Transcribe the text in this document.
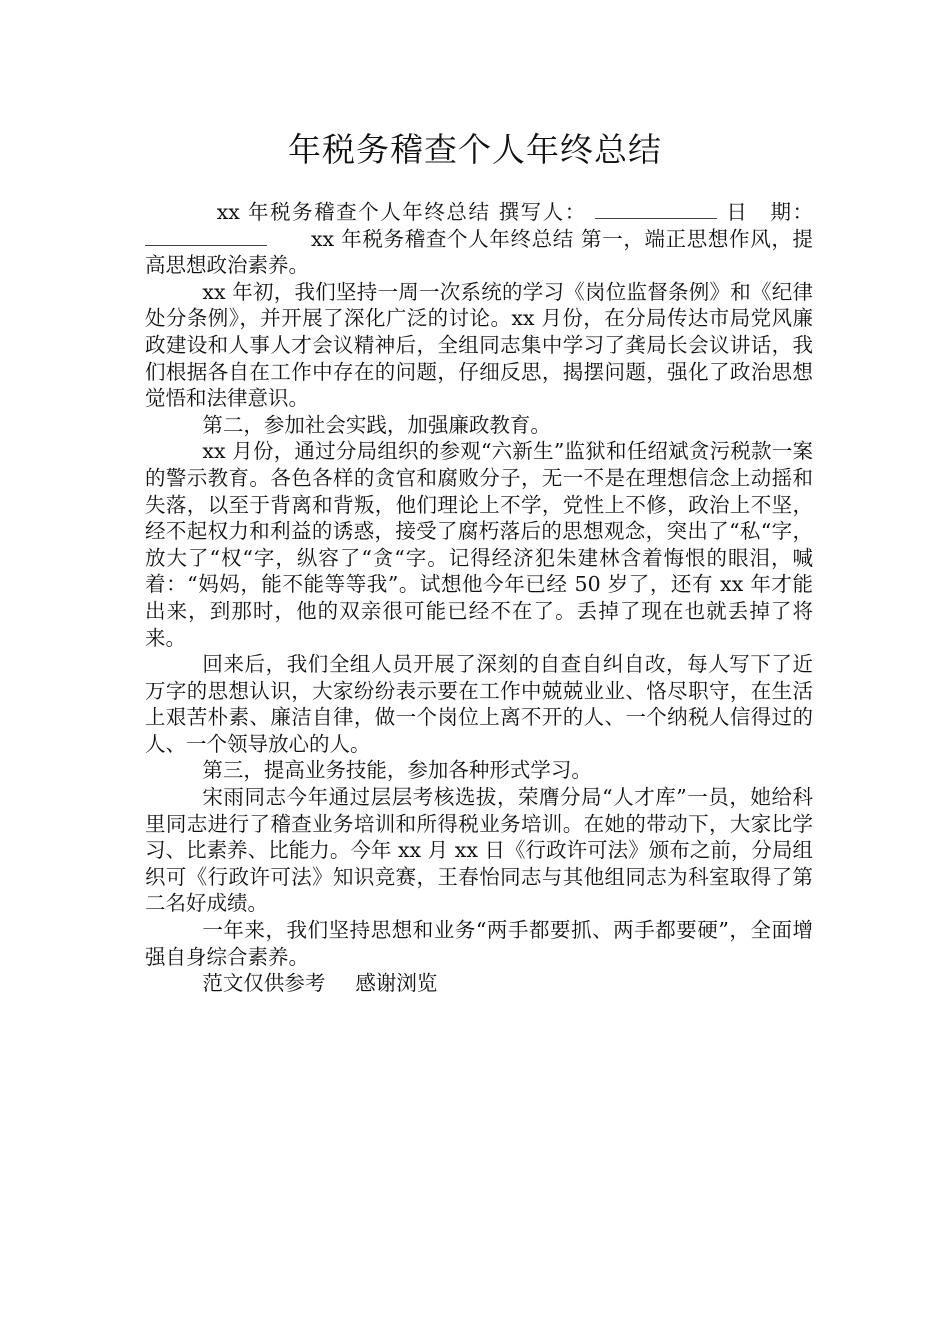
年税务稽查个人年终总结

xx 年税务稽查个人年终总结 撰写人：	日　期：xx 年税务稽查个人年终总结 第一，端正思想作风，提高思想政治素养。

xx 年初，我们坚持一周一次系统的学习《岗位监督条例》和《纪律处分条例》，并开展了深化广泛的讨论。xx 月份，在分局传达市局党风廉政建设和人事人才会议精神后，全组同志集中学习了龚局长会议讲话，我们根据各自在工作中存在的问题，仔细反思，揭摆问题，强化了政治思想觉悟和法律意识。

第二，参加社会实践，加强廉政教育。

xx 月份，通过分局组织的参观“六新生”监狱和任绍斌贪污税款一案的警示教育。各色各样的贪官和腐败分子，无一不是在理想信念上动摇和失落，以至于背离和背叛，他们理论上不学，党性上不修，政治上不坚，经不起权力和利益的诱惑，接受了腐朽落后的思想观念，突出了“私“字，放大了“权“字，纵容了“贪“字。记得经济犯朱建林含着悔恨的眼泪，喊着：“妈妈，能不能等等我”。试想他今年已经 50 岁了，还有 xx 年才能出来，到那时，他的双亲很可能已经不在了。丢掉了现在也就丢掉了将来。

回来后，我们全组人员开展了深刻的自查自纠自改，每人写下了近万字的思想认识，大家纷纷表示要在工作中兢兢业业、恪尽职守，在生活上艰苦朴素、廉洁自律，做一个岗位上离不开的人、一个纳税人信得过的人、一个领导放心的人。

第三，提高业务技能，参加各种形式学习。

宋雨同志今年通过层层考核选拔，荣膺分局“人才库”一员，她给科里同志进行了稽查业务培训和所得税业务培训。在她的带动下，大家比学习、比素养、比能力。今年 xx 月 xx 日《行政许可法》颁布之前，分局组织可《行政许可法》知识竞赛，王春怡同志与其他组同志为科室取得了第二名好成绩。

一年来，我们坚持思想和业务“两手都要抓、两手都要硬”，全面增强自身综合素养。

范文仅供参考 感谢浏览
